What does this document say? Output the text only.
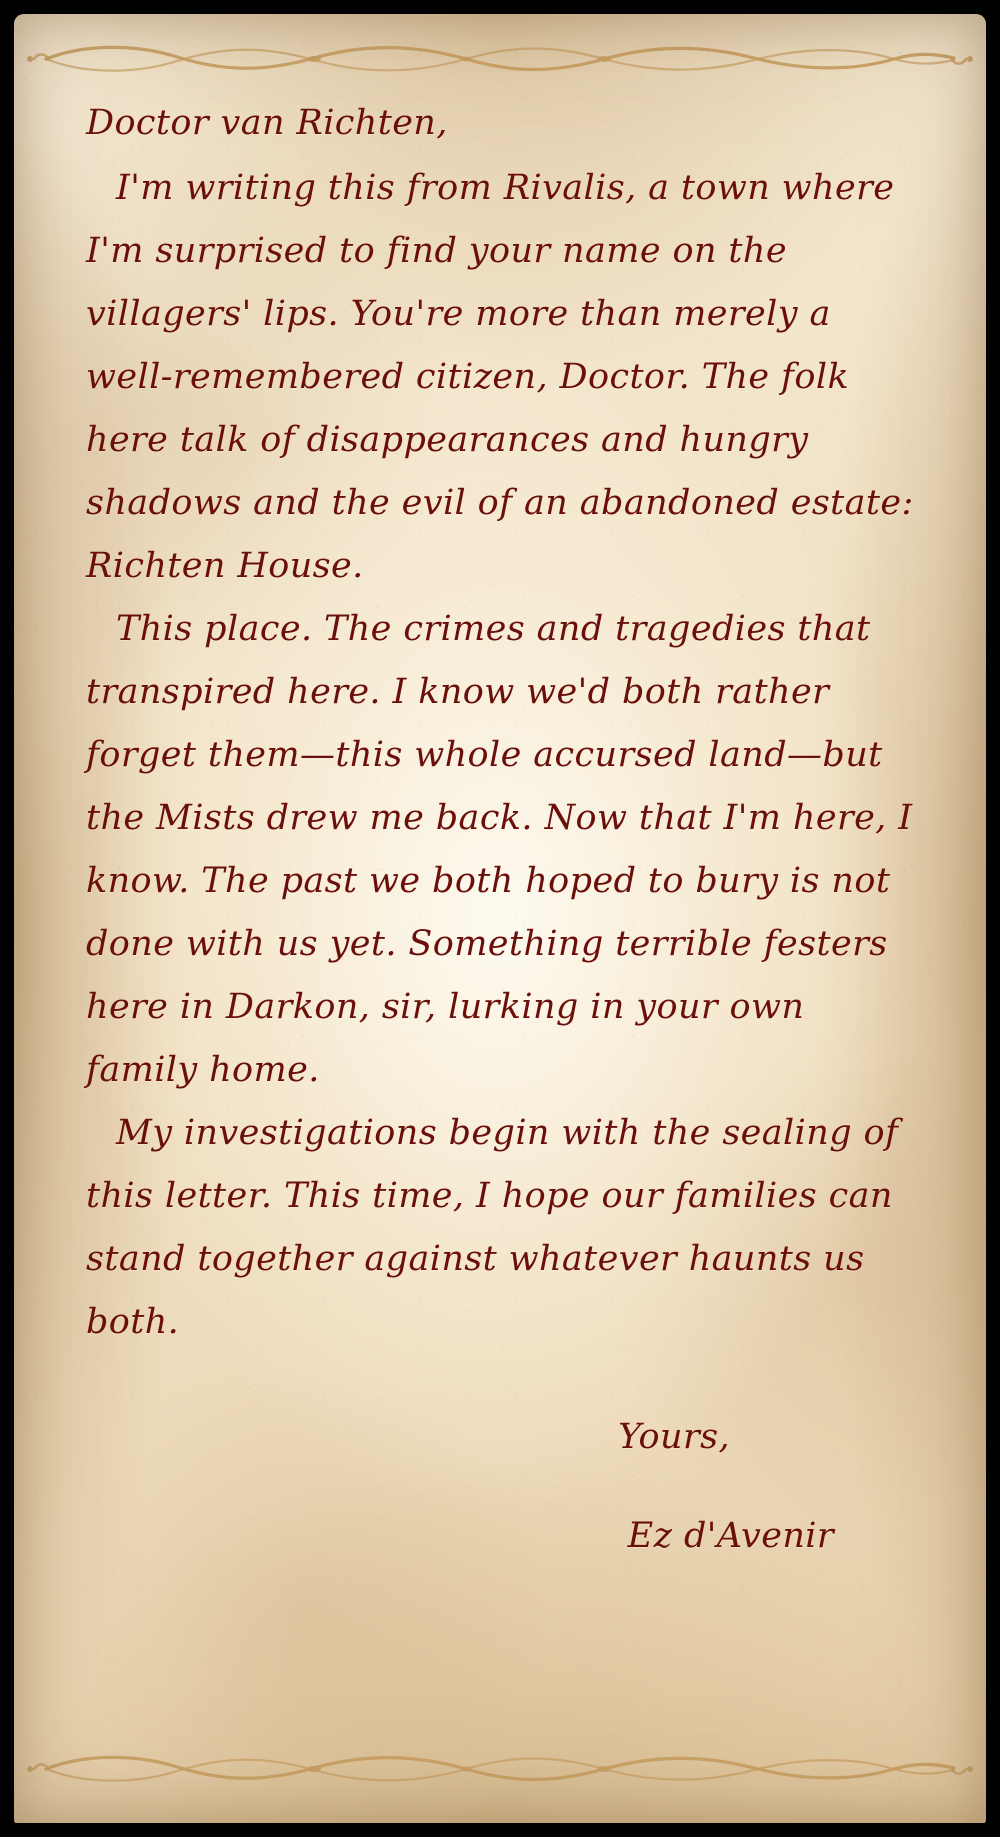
Doctor van Richten,

I'm writing this from Rivalis, a town where I'm surprised to find your name on the villagers' lips. You're more than merely a well-remembered citizen, Doctor. The folk here talk of disappearances and hungry shadows and the evil of an abandoned estate: Richten House.

This place. The crimes and tragedies that transpired here. I know we'd both rather forget them—this whole accursed land—but the Mists drew me back. Now that I'm here, I know. The past we both hoped to bury is not done with us yet. Something terrible festers here in Darkon, sir, lurking in your own family home.

My investigations begin with the sealing of this letter. This time, I hope our families can stand together against whatever haunts us both.

Yours,

Ez d'Avenir
